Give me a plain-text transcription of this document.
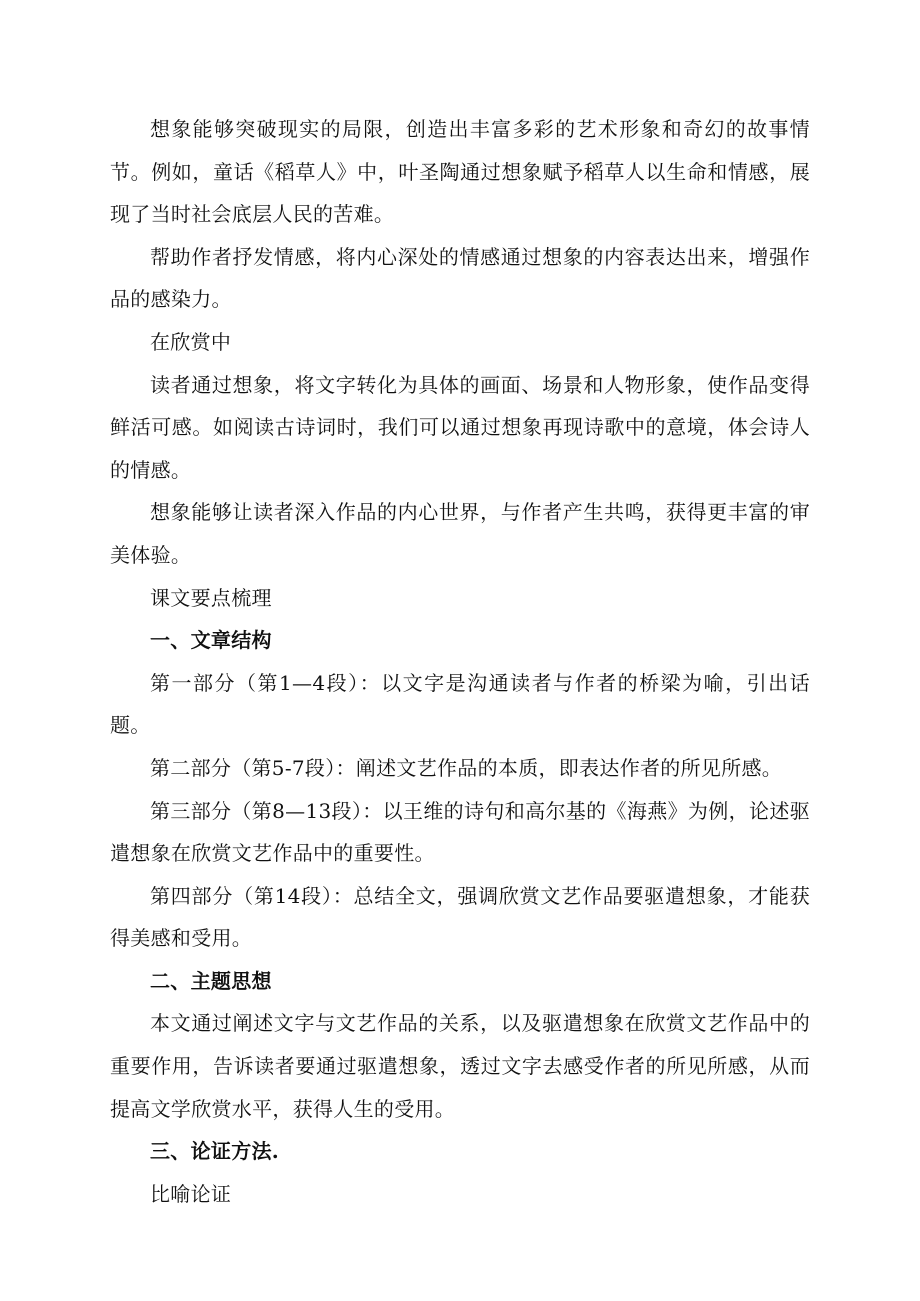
想象能够突破现实的局限，创造出丰富多彩的艺术形象和奇幻的故事情节。例如，童话《稻草人》中，叶圣陶通过想象赋予稻草人以生命和情感，展现了当时社会底层人民的苦难。

帮助作者抒发情感，将内心深处的情感通过想象的内容表达出来，增强作品的感染力。

在欣赏中

读者通过想象，将文字转化为具体的画面、场景和人物形象，使作品变得鲜活可感。如阅读古诗词时，我们可以通过想象再现诗歌中的意境，体会诗人的情感。

想象能够让读者深入作品的内心世界，与作者产生共鸣，获得更丰富的审美体验。

课文要点梳理

一、文章结构

第一部分（第1—4段）：以文字是沟通读者与作者的桥梁为喻，引出话题。

第二部分（第5-7段）：阐述文艺作品的本质，即表达作者的所见所感。

第三部分（第8—13段）：以王维的诗句和高尔基的《海燕》为例，论述驱遣想象在欣赏文艺作品中的重要性。

第四部分（第14段）：总结全文，强调欣赏文艺作品要驱遣想象，才能获得美感和受用。

二、主题思想

本文通过阐述文字与文艺作品的关系，以及驱遣想象在欣赏文艺作品中的重要作用，告诉读者要通过驱遣想象，透过文字去感受作者的所见所感，从而提高文学欣赏水平，获得人生的受用。

三、论证方法.

比喻论证
